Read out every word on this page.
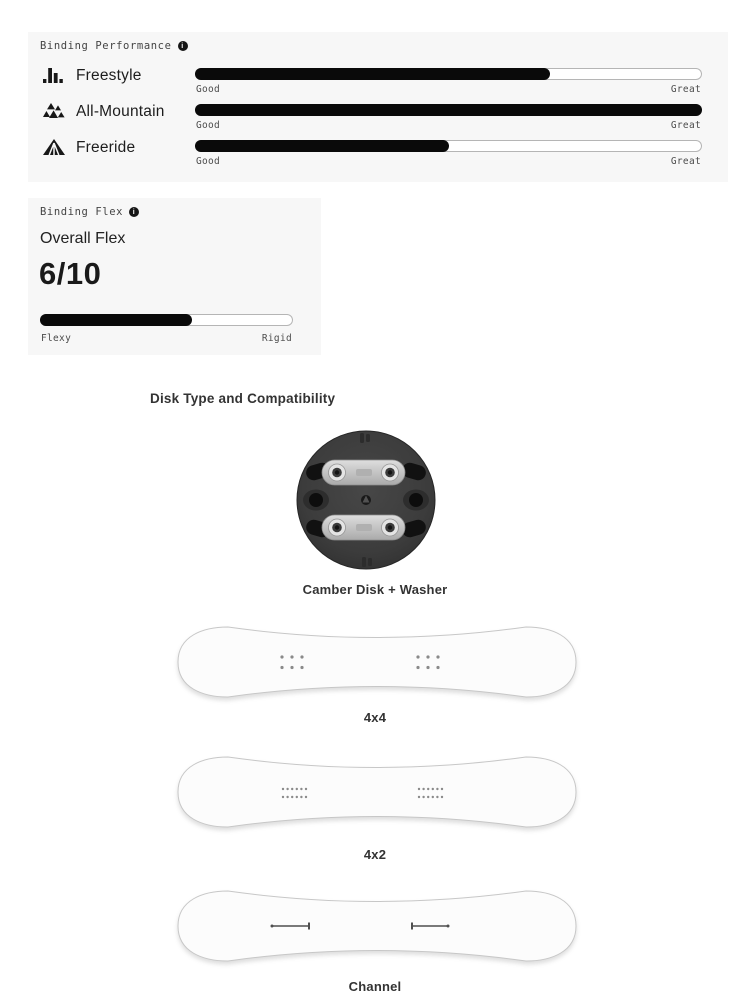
Binding Performance	i
Freestyle
Good	Great
All-Mountain
Good	Great
Freeride
Good	Great
Binding Flex	i
Overall Flex
6/10
Flexy	Rigid
Disk Type and Compatibility
Camber Disk + Washer
4x4
4x2
Channel
